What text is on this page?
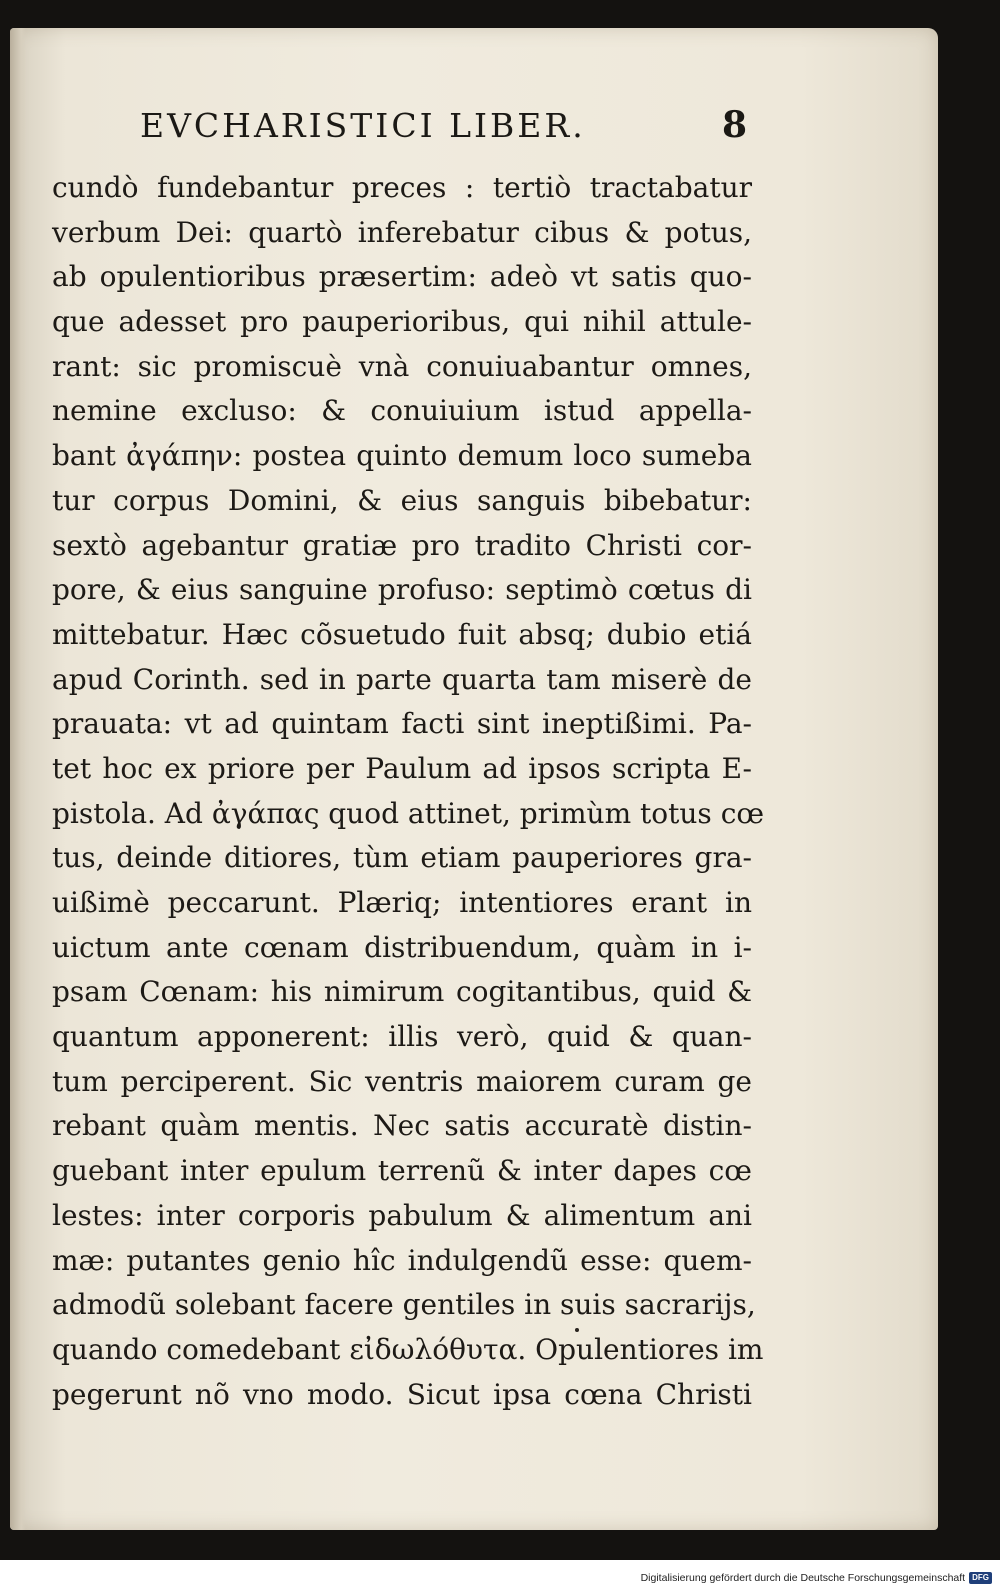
EVCHARISTICI LIBER.	8
cundò fundebantur preces : tertiò tractabatur
verbum Dei: quartò inferebatur cibus & potus,
ab opulentioribus præsertim: adeò vt satis quo-
que adesset pro pauperioribus, qui nihil attule-
rant: sic promiscuè vnà conuiuabantur omnes,
nemine excluso: & conuiuium istud appella-
bant ἀγάπην: postea quinto demum loco sumeba
tur corpus Domini, & eius sanguis bibebatur:
sextò agebantur gratiæ pro tradito Christi cor-
pore, & eius sanguine profuso: septimò cœtus di
mittebatur. Hæc cõsuetudo fuit absq; dubio etiá
apud Corinth. sed in parte quarta tam miserè de
prauata: vt ad quintam facti sint ineptißimi. Pa-
tet hoc ex priore per Paulum ad ipsos scripta E-
pistola. Ad ἀγάπας quod attinet, primùm totus cœ
tus, deinde ditiores, tùm etiam pauperiores gra-
uißimè peccarunt. Plæriq; intentiores erant in
uictum ante cœnam distribuendum, quàm in i-
psam Cœnam: his nimirum cogitantibus, quid &
quantum apponerent: illis verò, quid & quan-
tum perciperent. Sic ventris maiorem curam ge
rebant quàm mentis. Nec satis accuratè distin-
guebant inter epulum terrenũ & inter dapes cœ
lestes: inter corporis pabulum & alimentum ani
mæ: putantes genio hîc indulgendũ esse: quem-
admodũ solebant facere gentiles in suis sacrarijs,
quando comedebant εἰδωλόθυτα. Opulentiores im
pegerunt nõ vno modo. Sicut ipsa cœna Christi
Digitalisierung gefördert durch die Deutsche Forschungsgemeinschaft DFG
